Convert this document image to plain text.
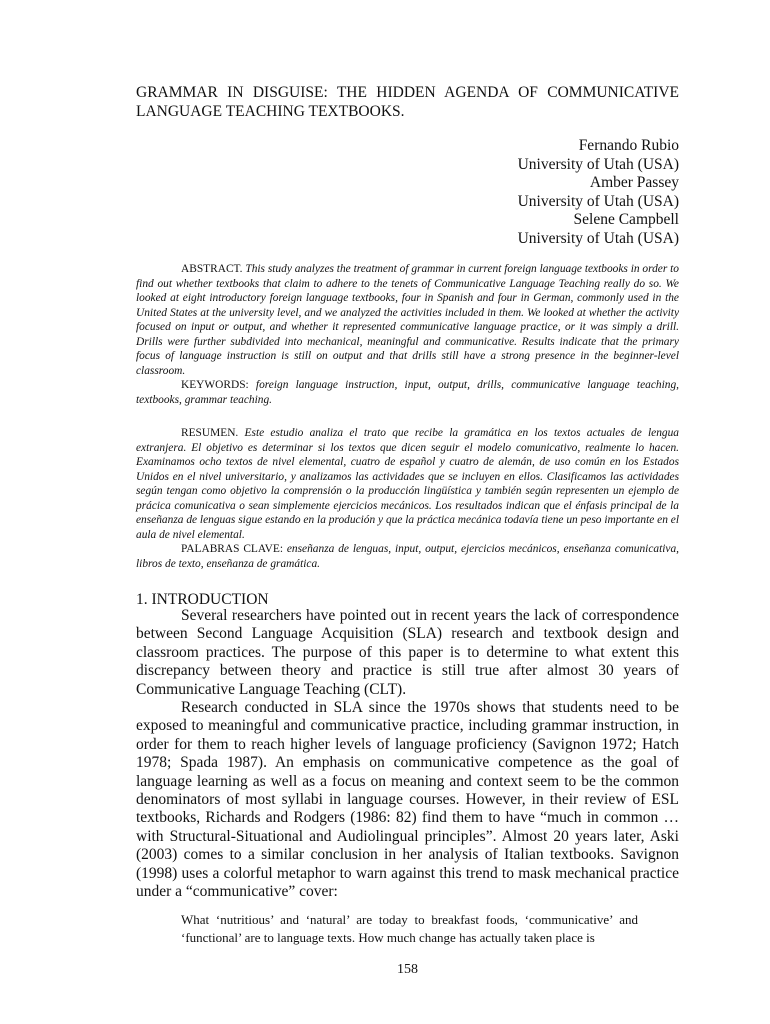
GRAMMAR IN DISGUISE: THE HIDDEN AGENDA OF COMMUNICATIVE LANGUAGE TEACHING TEXTBOOKS.
Fernando Rubio
University of Utah (USA)
Amber Passey
University of Utah (USA)
Selene Campbell
University of Utah (USA)

ABSTRACT. This study analyzes the treatment of grammar in current foreign language textbooks in order to find out whether textbooks that claim to adhere to the tenets of Communicative Language Teaching really do so. We looked at eight introductory foreign language textbooks, four in Spanish and four in German, commonly used in the United States at the university level, and we analyzed the activities included in them. We looked at whether the activity focused on input or output, and whether it represented communicative language practice, or it was simply a drill. Drills were further subdivided into mechanical, meaningful and communicative. Results indicate that the primary focus of language instruction is still on output and that drills still have a strong presence in the beginner-level classroom.

KEYWORDS: foreign language instruction, input, output, drills, communicative language teaching, textbooks, grammar teaching.

RESUMEN. Este estudio analiza el trato que recibe la gramática en los textos actuales de lengua extranjera. El objetivo es determinar si los textos que dicen seguir el modelo comunicativo, realmente lo hacen. Examinamos ocho textos de nivel elemental, cuatro de español y cuatro de alemán, de uso común en los Estados Unidos en el nivel universitario, y analizamos las actividades que se incluyen en ellos. Clasificamos las actividades según tengan como objetivo la comprensión o la producción lingüística y también según representen un ejemplo de prácica comunicativa o sean simplemente ejercicios mecánicos. Los resultados indican que el énfasis principal de la enseñanza de lenguas sigue estando en la produción y que la práctica mecánica todavía tiene un peso importante en el aula de nivel elemental.

PALABRAS CLAVE: enseñanza de lenguas, input, output, ejercicios mecánicos, enseñanza comunicativa, libros de texto, enseñanza de gramática.

1. INTRODUCTION

Several researchers have pointed out in recent years the lack of correspondence between Second Language Acquisition (SLA) research and textbook design and classroom practices. The purpose of this paper is to determine to what extent this discrepancy between theory and practice is still true after almost 30 years of Communicative Language Teaching (CLT).

Research conducted in SLA since the 1970s shows that students need to be exposed to meaningful and communicative practice, including grammar instruction, in order for them to reach higher levels of language proficiency (Savignon 1972; Hatch 1978; Spada 1987). An emphasis on communicative competence as the goal of language learning as well as a focus on meaning and context seem to be the common denominators of most syllabi in language courses. However, in their review of ESL textbooks, Richards and Rodgers (1986: 82) find them to have “much in common … with Structural-Situational and Audiolingual principles”. Almost 20 years later, Aski (2003) comes to a similar conclusion in her analysis of Italian textbooks. Savignon (1998) uses a colorful metaphor to warn against this trend to mask mechanical practice under a “communicative” cover:

What ‘nutritious’ and ‘natural’ are today to breakfast foods, ‘communicative’ and ‘functional’ are to language texts. How much change has actually taken place is

158
